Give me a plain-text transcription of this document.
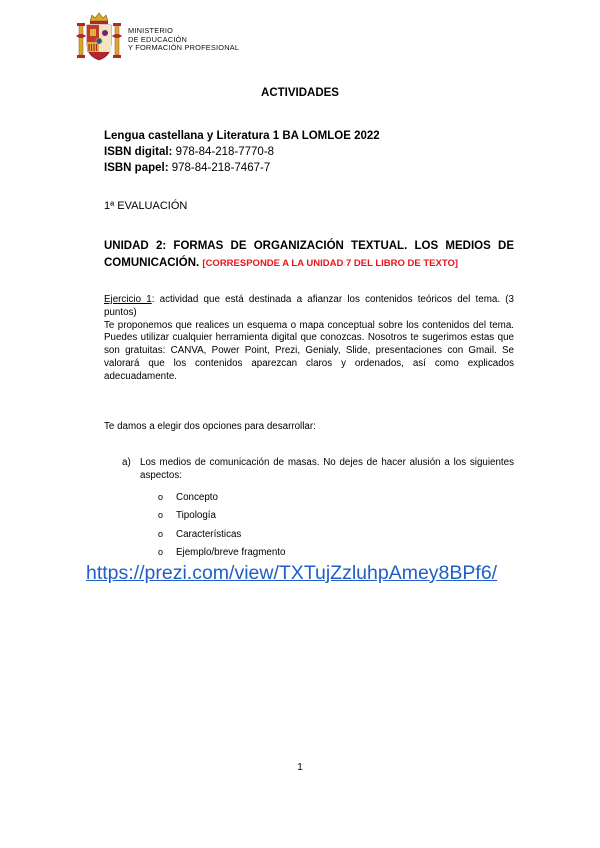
MINISTERIO
DE EDUCACIÓN
Y FORMACIÓN PROFESIONAL
ACTIVIDADES
Lengua castellana y Literatura 1 BA LOMLOE 2022
ISBN digital: 978-84-218-7770-8
ISBN papel: 978-84-218-7467-7
1ª EVALUACIÓN
UNIDAD 2: FORMAS DE ORGANIZACIÓN TEXTUAL. LOS MEDIOS DE COMUNICACIÓN. [CORRESPONDE A LA UNIDAD 7 DEL LIBRO DE TEXTO]

Ejercicio 1: actividad que está destinada a afianzar los contenidos teóricos del tema. (3 puntos)

Te proponemos que realices un esquema o mapa conceptual sobre los contenidos del tema. Puedes utilizar cualquier herramienta digital que conozcas. Nosotros te sugerimos estas que son gratuitas: CANVA, Power Point, Prezi, Genialy, Slide, presentaciones con Gmail. Se valorará que los contenidos aparezcan claros y ordenados, así como explicados adecuadamente.

Te damos a elegir dos opciones para desarrollar:
a) Los medios de comunicación de masas. No dejes de hacer alusión a los siguientes aspectos:
o	Concepto
o	Tipología
o	Características
o	Ejemplo/breve fragmento
https://prezi.com/view/TXTujZzluhpAmey8BPf6/
1
